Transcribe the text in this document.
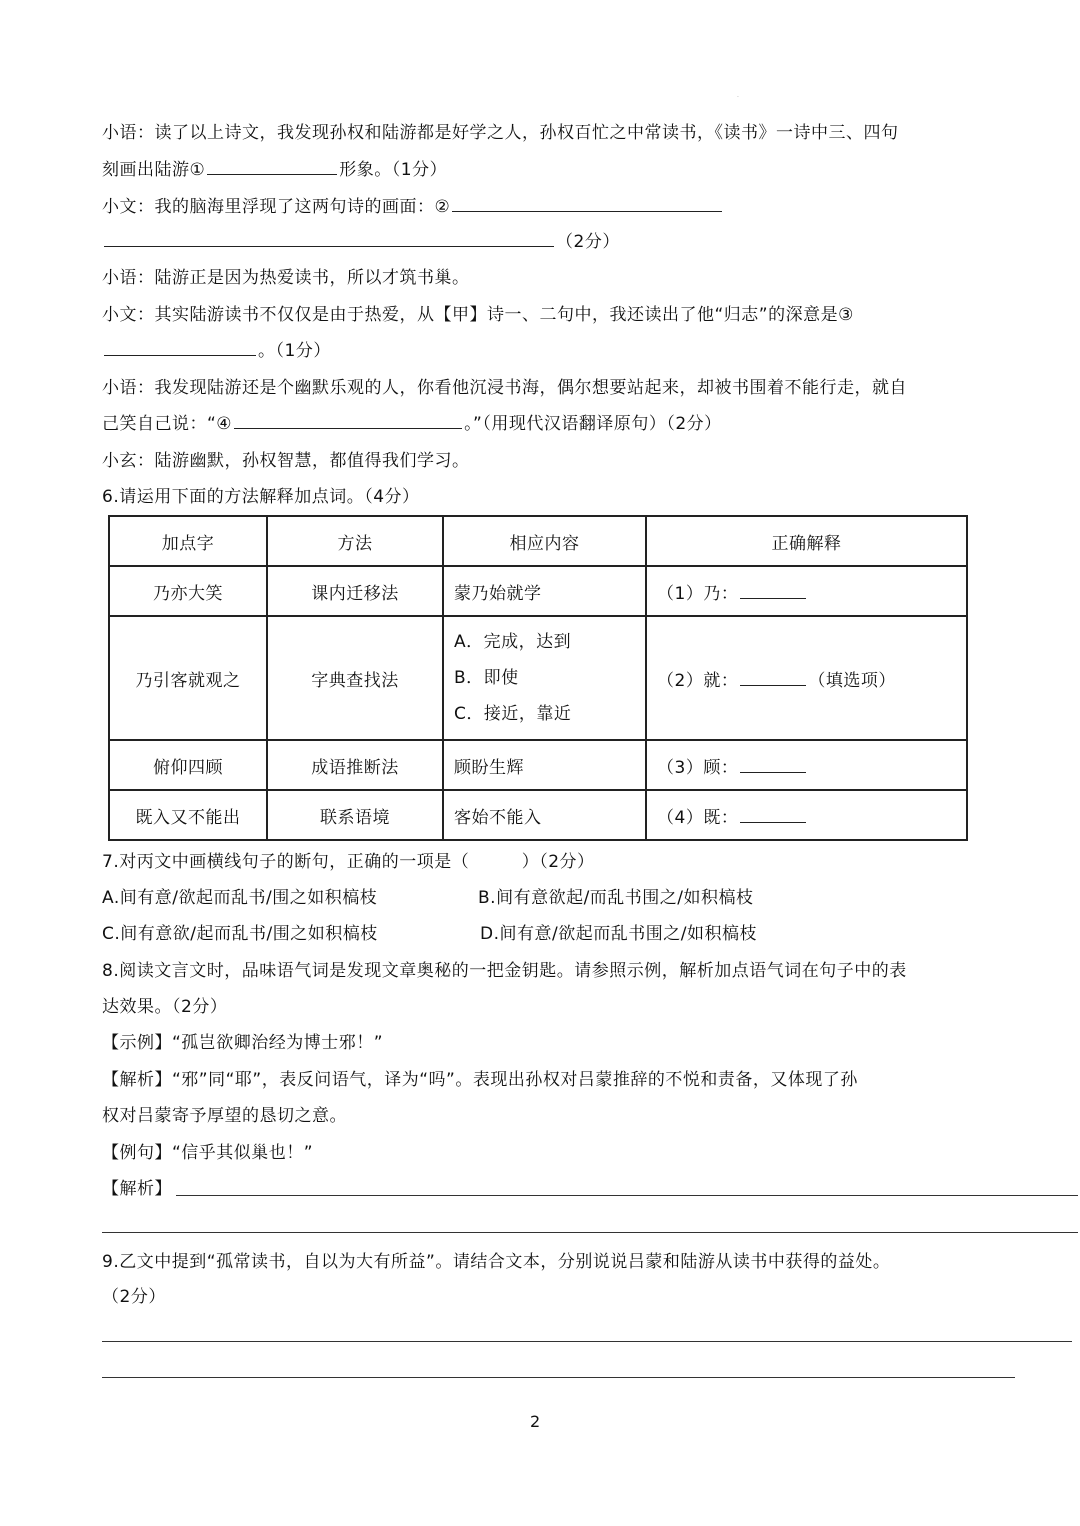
.
小语：读了以上诗文，我发现孙权和陆游都是好学之人，孙权百忙之中常读书，《读书》一诗中三、四句
刻画出陆游①	形象。（1分）
小文：我的脑海里浮现了这两句诗的画面：②
（2分）
小语：陆游正是因为热爱读书，所以才筑书巢。
小文：其实陆游读书不仅仅是由于热爱，从【甲】诗一、二句中，我还读出了他“归志”的深意是③
。（1分）
小语：我发现陆游还是个幽默乐观的人，你看他沉浸书海，偶尔想要站起来，却被书围着不能行走，就自
己笑自己说：“④	。”（用现代汉语翻译原句）（2分）
小玄：陆游幽默，孙权智慧，都值得我们学习。
6.请运用下面的方法解释加点词。（4分）
加点字	方法	相应内容	正确解释
乃亦大笑	课内迁移法	蒙乃始就学	（1）乃：
乃引客就观之	字典查找法	A．完成，达到
B．即使
C．接近，靠近	（2）就： （填选项）
俯仰四顾	成语推断法	顾盼生辉	（3）顾：
既入又不能出	联系语境	客始不能入	（4）既：
7.对丙文中画横线句子的断句，正确的一项是（　　　）（2分）
A.间有意/欲起而乱书/围之如积槁枝	B.间有意欲起/而乱书围之/如积槁枝
C.间有意欲/起而乱书/围之如积槁枝	D.间有意/欲起而乱书围之/如积槁枝
8.阅读文言文时，品味语气词是发现文章奥秘的一把金钥匙。请参照示例，解析加点语气词在句子中的表
达效果。（2分）
【示例】“孤岂欲卿治经为博士邪！”
【解析】“邪”同“耶”，表反问语气，译为“吗”。表现出孙权对吕蒙推辞的不悦和责备，又体现了孙
权对吕蒙寄予厚望的恳切之意。
【例句】“信乎其似巢也！”
【解析】
9.乙文中提到“孤常读书，自以为大有所益”。请结合文本，分别说说吕蒙和陆游从读书中获得的益处。
（2分）
2
